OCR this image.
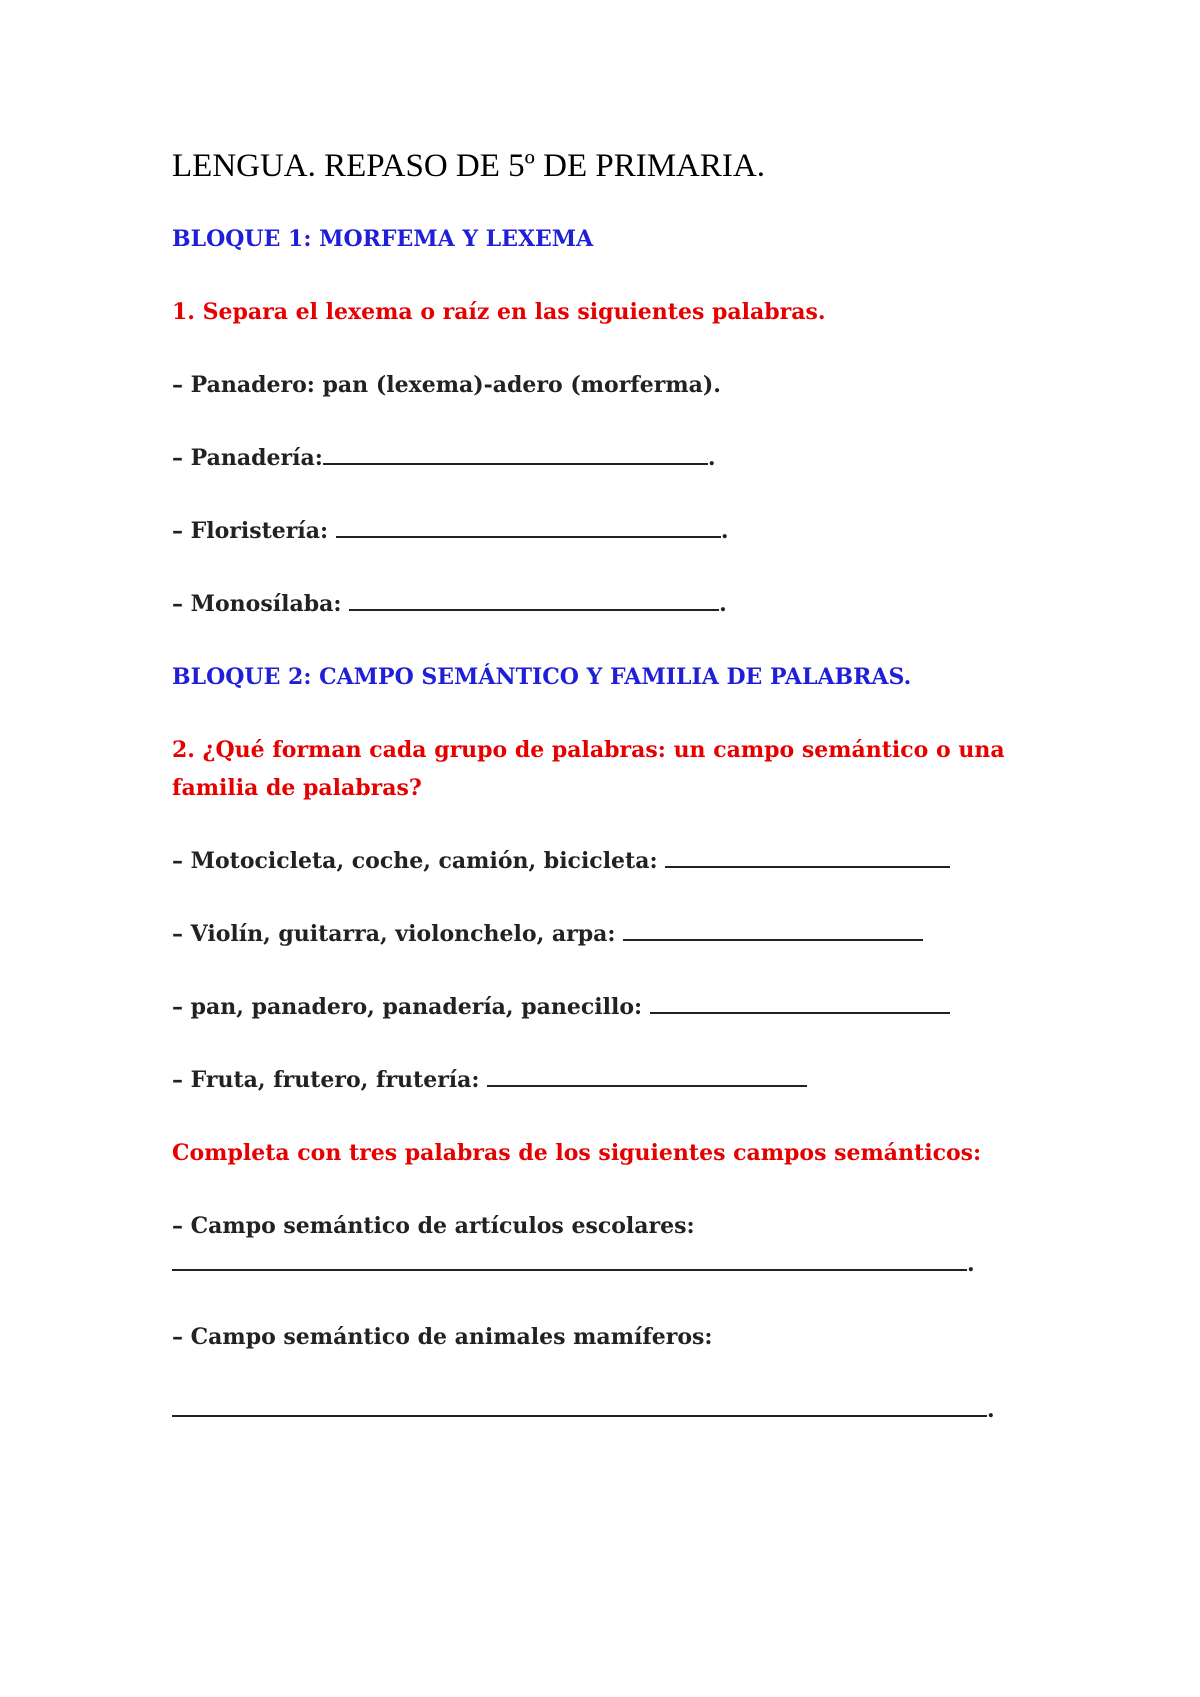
LENGUA. REPASO DE 5º DE PRIMARIA.
BLOQUE 1: MORFEMA Y LEXEMA
1. Separa el lexema o raíz en las siguientes palabras.
– Panadero: pan (lexema)-adero (morferma).
– Panadería:	.
– Floristería:	.
– Monosílaba:	.
BLOQUE 2: CAMPO SEMÁNTICO Y FAMILIA DE PALABRAS.
2. ¿Qué forman cada grupo de palabras: un campo semántico o una
familia de palabras?
– Motocicleta, coche, camión, bicicleta:
– Violín, guitarra, violonchelo, arpa:
– pan, panadero, panadería, panecillo:
– Fruta, frutero, frutería:
Completa con tres palabras de los siguientes campos semánticos:
– Campo semántico de artículos escolares:
.
– Campo semántico de animales mamíferos:
.
